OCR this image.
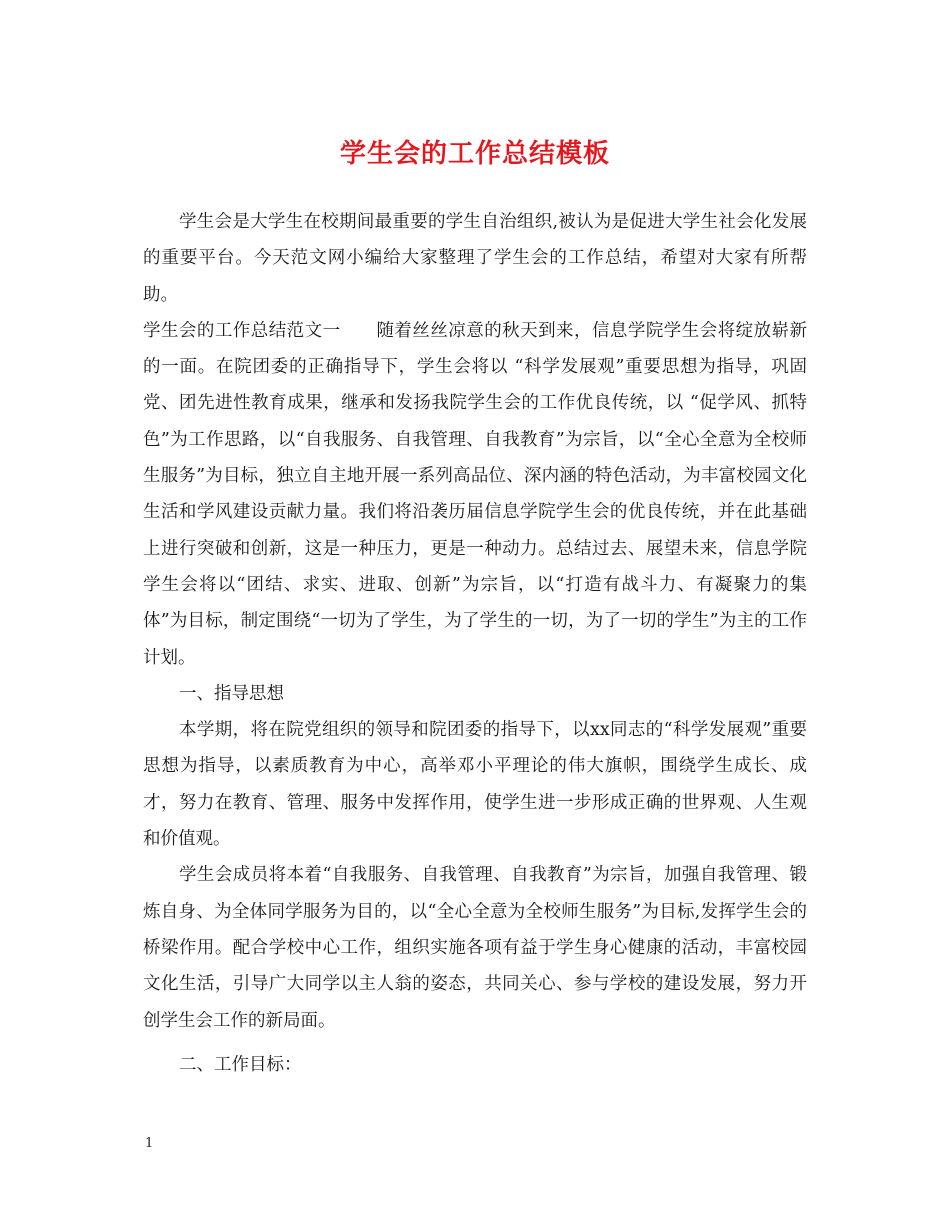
学生会的工作总结模板

学生会是大学生在校期间最重要的学生自治组织,被认为是促进大学生社会化发展的重要平台。今天范文网小编给大家整理了学生会的工作总结，希望对大家有所帮助。

学生会的工作总结范文一　　随着丝丝凉意的秋天到来，信息学院学生会将绽放崭新的一面。在院团委的正确指导下，学生会将以 “科学发展观”重要思想为指导，巩固党、团先进性教育成果，继承和发扬我院学生会的工作优良传统，以 “促学风、抓特色”为工作思路，以“自我服务、自我管理、自我教育”为宗旨，以“全心全意为全校师生服务”为目标，独立自主地开展一系列高品位、深内涵的特色活动，为丰富校园文化生活和学风建设贡献力量。我们将沿袭历届信息学院学生会的优良传统，并在此基础上进行突破和创新，这是一种压力，更是一种动力。总结过去、展望未来，信息学院学生会将以“团结、求实、进取、创新”为宗旨，以“打造有战斗力、有凝聚力的集体”为目标，制定围绕“一切为了学生，为了学生的一切，为了一切的学生”为主的工作计划。

一、指导思想

本学期，将在院党组织的领导和院团委的指导下，以xx同志的“科学发展观”重要思想为指导，以素质教育为中心，高举邓小平理论的伟大旗帜，围绕学生成长、成才，努力在教育、管理、服务中发挥作用，使学生进一步形成正确的世界观、人生观和价值观。

学生会成员将本着“自我服务、自我管理、自我教育”为宗旨，加强自我管理、锻炼自身、为全体同学服务为目的，以“全心全意为全校师生服务”为目标,发挥学生会的桥梁作用。配合学校中心工作，组织实施各项有益于学生身心健康的活动，丰富校园文化生活，引导广大同学以主人翁的姿态，共同关心、参与学校的建设发展，努力开创学生会工作的新局面。

二、工作目标：

1
